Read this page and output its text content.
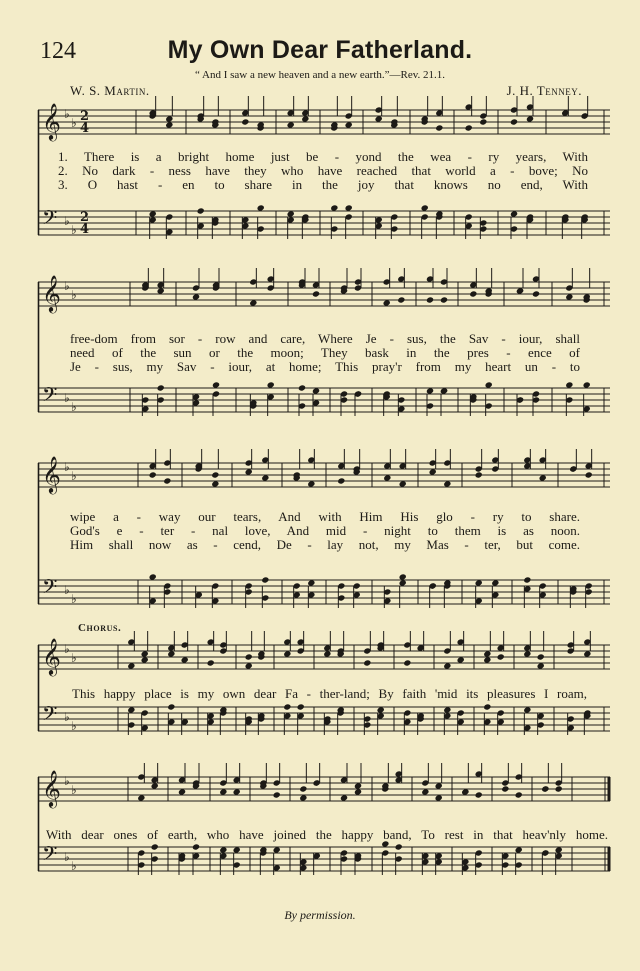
124	My Own Dear Fatherland.
“ And I saw a new heaven and a new earth.”—Rev. 21.1.
W. S. Martin.	J. H. Tenney.
𝄞 ♭
♭ 2
4
𝄢 ♭
♭
2
4
1. There is a bright home just be - yond the wea - ry years, With
2. No dark - ness have they who have reached that world a - bove; No
3. O hast - en to share in the joy that knows no end, With
𝄞 ♭
♭
𝄢 ♭
♭
free-dom from sor - row and care, Where Je - sus, the Sav - iour, shall
need of the sun or the moon; They bask in the pres - ence of
Je - sus, my Sav - iour, at home; This pray'r from my heart un - to
𝄞 ♭
♭
𝄢 ♭
♭
wipe a - way our tears, And with Him His glo - ry to share.
God's e - ter - nal love, And mid - night to them is as noon.
Him shall now as - cend, De - lay not, my Mas - ter, but come.
Chorus.
𝄞 ♭
♭
𝄢 ♭
♭
This happy place is my own dear Fa - ther-land; By faith 'mid its pleasures I roam,
𝄞 ♭
♭
𝄢 ♭
♭
With dear ones of earth, who have joined the happy band, To rest in that heav'nly home.
By permission.
